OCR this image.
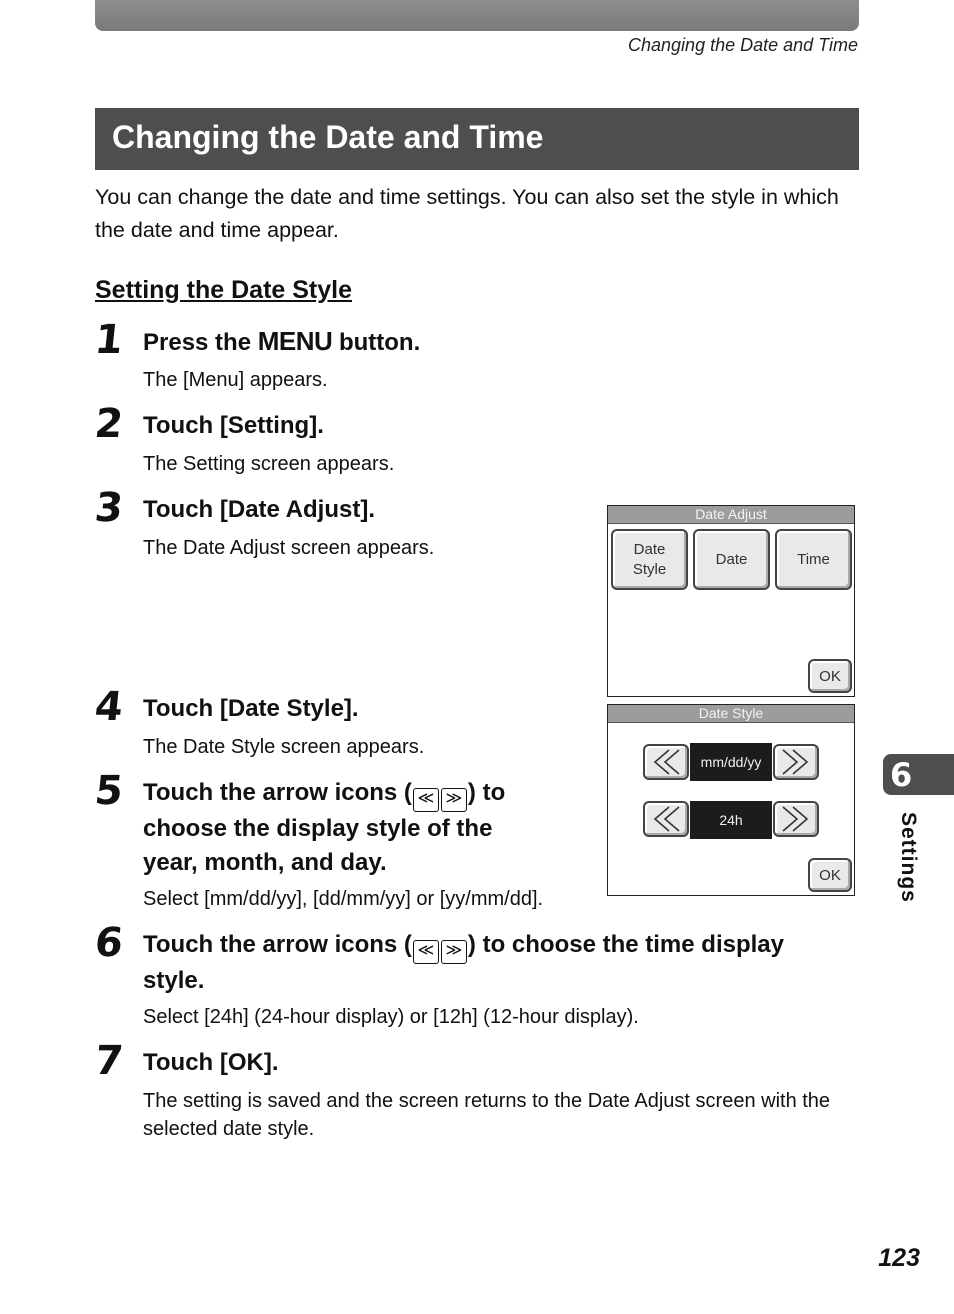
Changing the Date and Time
Changing the Date and Time
You can change the date and time settings. You can also set the style in which the date and time appear.
Setting the Date Style
1 Press the MENU button.
The [Menu] appears.
2 Touch [Setting].
The Setting screen appears.
3 Touch [Date Adjust].
The Date Adjust screen appears.
4 Touch [Date Style].
The Date Style screen appears.
5 Touch the arrow icons ( ≪ ≫ ) to
choose the display style of the
year, month, and day.
Select [mm/dd/yy], [dd/mm/yy] or [yy/mm/dd].
6 Touch the arrow icons ( ≪ ≫ ) to choose the time display
style.
Select [24h] (24-hour display) or [12h] (12-hour display).
7 Touch [OK].
The setting is saved and the screen returns to the Date Adjust screen with the selected date style.
Date Adjust
Date
Style
Date	Time
OK
Date Style
mm/dd/yy
24h
OK
6
Settings
123
